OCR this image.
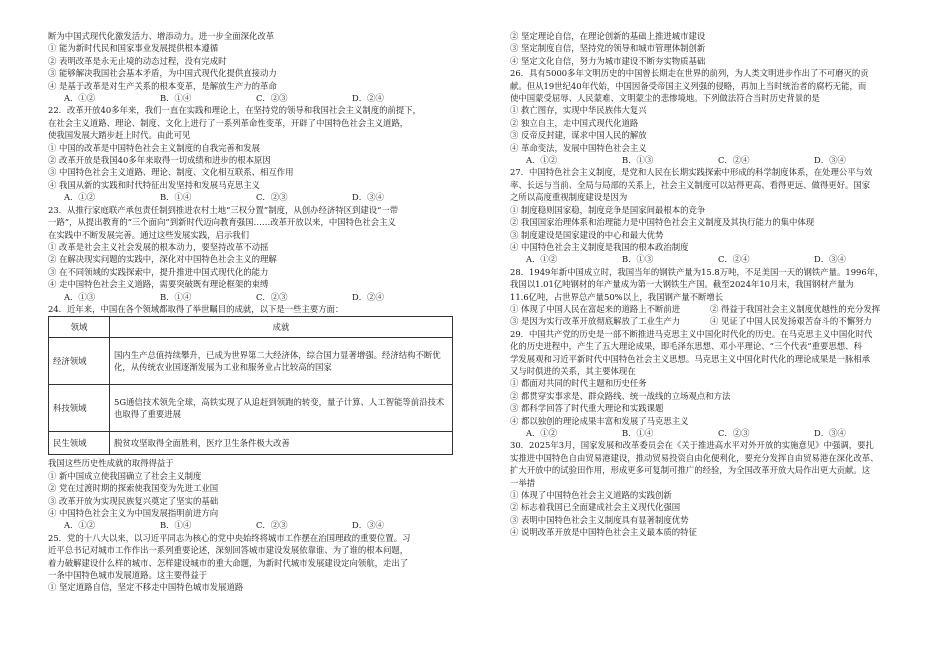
断为中国式现代化激发活力、增添动力。进一步全面深化改革
① 能为新时代民和国家事业发展提供根本遵循
② 表明改革是永无止境的动态过程，没有完成时
③ 能够解决我国社会基本矛盾，为中国式现代化提供直接动力
④ 是基于改革是对生产关系的根本变革，是解放生产力的革命
A．①②	B．①④	C．②③	D．②④
22．改革开放40多年来，我们一直在实践和理论上，在坚持党的领导和我国社会主义制度的前提下，
在社会主义道路、理论、制度、文化上进行了一系列革命性变革，开辟了中国特色社会主义道路，
使我国发展大踏步赶上时代。由此可见
① 中国的改革是中国特色社会主义制度的自我完善和发展
② 改革开放是我国40多年来取得一切成绩和进步的根本原因
③ 中国特色社会主义道路、理论、制度、文化相互联系、相互作用
④ 我国从新的实践和时代特征出发坚持和发展马克思主义
A．①②	B．①④	C．②③	D．③④
23．从推行家庭联产承包责任制到推进农村土地“三权分置”制度，从创办经济特区到建设“一带
一路”，从提出教育的“三个面向”到新时代迈向教育强国……改革开放以来，中国特色社会主义
在实践中不断发展完善。通过这些发展实践，启示我们
① 改革是社会主义社会发展的根本动力，要坚持改革不动摇
② 在解决现实问题的实践中，深化对中国特色社会主义的理解
③ 在不同领域的实践探索中，提升推进中国式现代化的能力
④ 走中国特色社会主义道路，需要突破既有理论框架的束缚
A．①③	B．①④	C．②③	D．②④
24．近年来，中国在各个领域都取得了举世瞩目的成就，以下是一些主要方面：
领域	成就
经济领域	国内生产总值持续攀升，已成为世界第二大经济体，综合国力显著增强。经济结构不断优化，从传统农业国逐渐发展为工业和服务业占比较高的国家
科技领域	5G通信技术领先全球，高铁实现了从追赶到领跑的转变，量子计算、人工智能等前沿技术也取得了重要进展
民生领域	脱贫攻坚取得全面胜利，医疗卫生条件极大改善
我国这些历史性成就的取得得益于
① 新中国成立使我国确立了社会主义制度
② 党在过渡时期的探索使我国变为先进工业国
③ 改革开放为实现民族复兴奠定了坚实的基础
④ 中国特色社会主义为中国发展指明前进方向
A．①②	B．①④	C．②③	D．③④
25．党的十八大以来，以习近平同志为核心的党中央始终将城市工作摆在治国理政的重要位置。习
近平总书记对城市工作作出一系列重要论述，深刻回答城市建设发展依靠谁、为了谁的根本问题，
着力破解建设什么样的城市、怎样建设城市的重大命题，为新时代城市发展建设定向领航，走出了
一条中国特色城市发展道路。这主要得益于
① 坚定道路自信，坚定不移走中国特色城市发展道路
② 坚定理论自信，在理论创新的基础上推进城市建设
③ 坚定制度自信，坚持党的领导和城市管理体制创新
④ 坚定文化自信，努力为城市建设不断夯实物质基础
26．具有5000多年文明历史的中国曾长期走在世界的前列，为人类文明进步作出了不可磨灭的贡
献。但从19世纪40年代始，中国因备受帝国主义列强的侵略，再加上当时统治者的腐朽无能，而
使中国蒙受屈辱、人民蒙难、文明蒙尘的悲惨境地。下列做法符合当时历史背景的是
① 救亡图存，实现中华民族伟大复兴
② 独立自主，走中国式现代化道路
③ 反帝反封建，谋求中国人民的解放
④ 革命变法，发展中国特色社会主义
A．①②	B．①③	C．②④	D．③④
27．中国特色社会主义制度，是党和人民在长期实践探索中形成的科学制度体系，在处理公平与效
率、长远与当前、全局与局部的关系上，社会主义制度可以站得更高、看得更远、做得更好。国家
之所以高度重视制度建设是因为
① 制度稳则国家稳，制度竞争是国家间最根本的竞争
② 我国国家治理体系和治理能力是中国特色社会主义制度及其执行能力的集中体现
③ 制度建设是国家建设的中心和最大优势
④ 中国特色社会主义制度是我国的根本政治制度
A．①②	B．①③	C．②④	D．③④
28．1949年新中国成立时，我国当年的钢铁产量为15.8万吨，不足美国一天的钢铁产量。1996年，
我国以1.01亿吨钢材的年产量成为第一大钢铁生产国。截至2024年10月末，我国钢材产量为
11.6亿吨，占世界总产量50%以上，我国钢产量不断增长
① 体现了中国人民在富起来的道路上不断前进	② 得益于我国社会主义制度优越性的充分发挥
③ 是因为实行改革开放彻底解放了工业生产力	④ 见证了中国人民发扬艰苦奋斗的不懈努力
29．中国共产党的历史是一部不断推进马克思主义中国化时代化的历史。在马克思主义中国化时代
化的历史进程中，产生了五大理论成果，即毛泽东思想、邓小平理论、“三个代表”重要思想、科
学发展观和习近平新时代中国特色社会主义思想。马克思主义中国化时代化的理论成果是一脉相承
又与时俱进的关系，其主要体现在
① 都面对共同的时代主题和历史任务
② 都贯穿实事求是、群众路线、统一战线的立场观点和方法
③ 都科学回答了时代重大理论和实践课题
④ 都以独创的理论成果丰富和发展了马克思主义
A．①②	B．①④	C．②③	D．③④
30．2025年3月，国家发展和改革委员会在《关于推进高水平对外开放的实施意见》中强调，要扎
实推进中国特色自由贸易港建设，推动贸易投资自由化便利化，要充分发挥自由贸易港在深化改革、
扩大开放中的试验田作用，形成更多可复制可推广的经验，为全国改革开放大局作出更大贡献。这
一举措
① 体现了中国特色社会主义道路的实践创新
② 标志着我国已全面建成社会主义现代化强国
③ 表明中国特色社会主义制度具有显著制度优势
④ 说明改革开放是中国特色社会主义最本质的特征
